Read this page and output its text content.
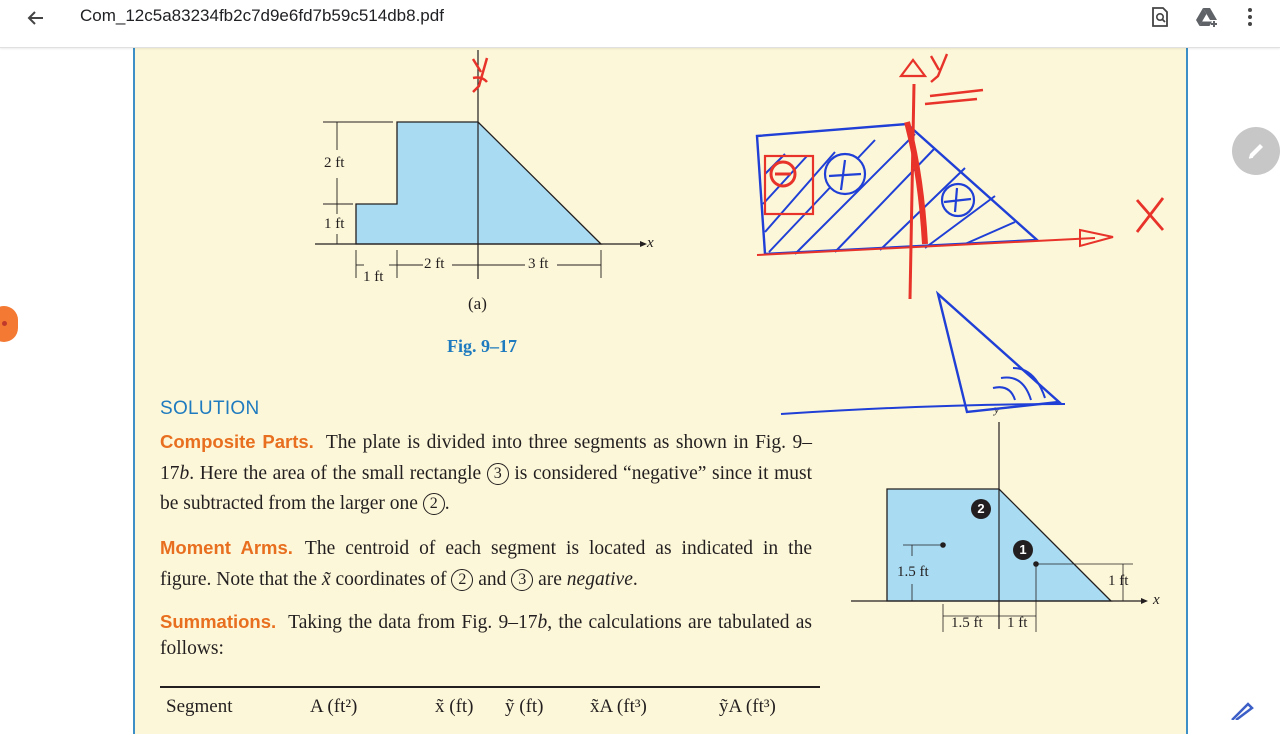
Com_12c5a83234fb2c7d9e6fd7b59c514db8.pdf
2 ft
1 ft
1 ft
2 ft	3 ft
x
(a)
Fig. 9–17
SOLUTION
Composite Parts. The plate is divided into three segments as shown in Fig. 9–17b. Here the area of the small rectangle 3 is considered “negative” since it must be subtracted from the larger one 2 .
Moment Arms. The centroid of each segment is located as indicated in the figure. Note that the x̃ coordinates of 2 and 3 are negative.
Summations. Taking the data from Fig. 9–17b, the calculations are tabulated as follows:
Segment	A (ft²)	x̃ (ft) ỹ (ft) x̃A (ft³)	ỹA (ft³)
2
1
1.5 ft
1 ft
1.5 ft 1 ft
x
y
